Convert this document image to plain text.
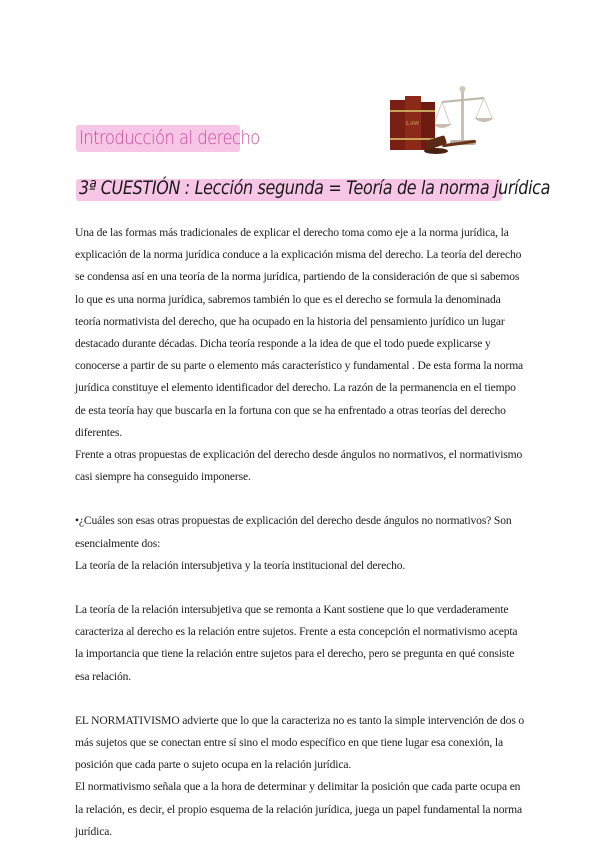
LAW
Introducción al derecho
3ª CUESTIÓN : Lección segunda = Teoría de la norma jurídica

Una de las formas más tradicionales de explicar el derecho toma como eje a la norma jurídica, la explicación de la norma jurídica conduce a la explicación misma del derecho. La teoría del derecho se condensa así en una teoría de la norma jurídica, partiendo de la consideración de que si sabemos lo que es una norma jurídica, sabremos también lo que es el derecho se formula la denominada teoría normativista del derecho, que ha ocupado en la historia del pensamiento jurídico un lugar destacado durante décadas. Dicha teoría responde a la idea de que el todo puede explicarse y conocerse a partir de su parte o elemento más característico y fundamental . De esta forma la norma jurídica constituye el elemento identificador del derecho. La razón de la permanencia en el tiempo de esta teoría hay que buscarla en la fortuna con que se ha enfrentado a otras teorías del derecho diferentes.

Frente a otras propuestas de explicación del derecho desde ángulos no normativos, el normativismo casi siempre ha conseguido imponerse.

•¿Cuáles son esas otras propuestas de explicación del derecho desde ángulos no normativos? Son esencialmente dos:

La teoría de la relación intersubjetiva y la teoría institucional del derecho.

La teoría de la relación intersubjetiva que se remonta a Kant sostiene que lo que verdaderamente caracteriza al derecho es la relación entre sujetos. Frente a esta concepción el normativismo acepta la importancia que tiene la relación entre sujetos para el derecho, pero se pregunta en qué consiste esa relación.

EL NORMATIVISMO advierte que lo que la caracteriza no es tanto la simple intervención de dos o más sujetos que se conectan entre sí sino el modo específico en que tiene lugar esa conexión, la posición que cada parte o sujeto ocupa en la relación jurídica.

El normativismo señala que a la hora de determinar y delimitar la posición que cada parte ocupa en la relación, es decir, el propio esquema de la relación jurídica, juega un papel fundamental la norma jurídica.
